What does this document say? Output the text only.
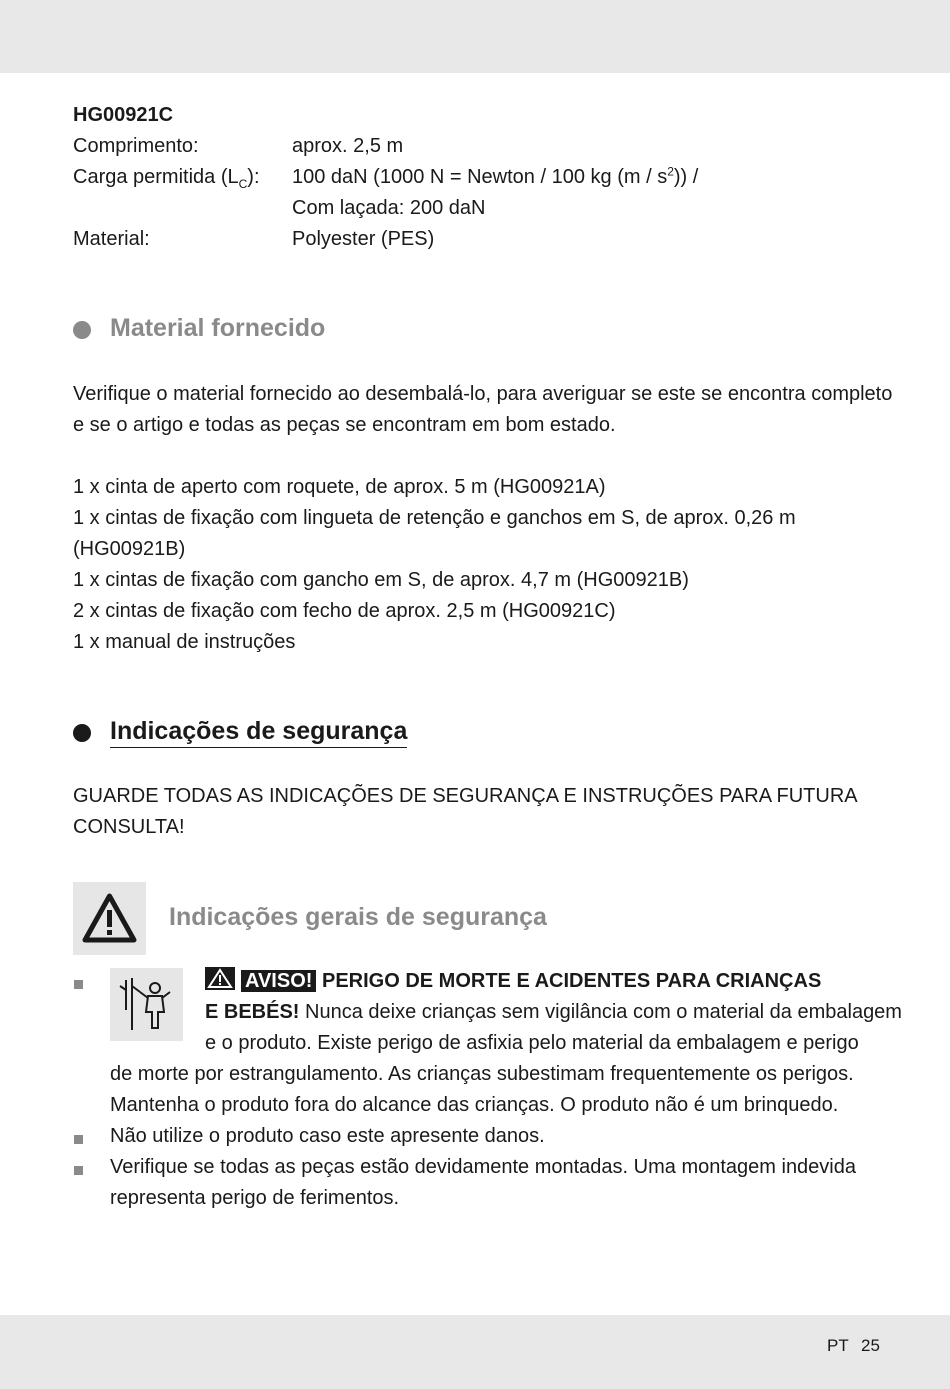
HG00921C
Comprimento:	aprox. 2,5 m
Carga permitida $(L_C)$: 100 daN (1000 N = Newton / 100 kg $(m / s^2)$) /
Com laçada: 200 daN
Material:	Polyester (PES)
Material fornecido
Verifique o material fornecido ao desembalá-lo, para averiguar se este se encontra completo
e se o artigo e todas as peças se encontram em bom estado.
1 x cinta de aperto com roquete, de aprox. 5 m (HG00921A)
1 x cintas de fixação com lingueta de retenção e ganchos em S, de aprox. 0,26 m
(HG00921B)
1 x cintas de fixação com gancho em S, de aprox. 4,7 m (HG00921B)
2 x cintas de fixação com fecho de aprox. 2,5 m (HG00921C)
1 x manual de instruções
Indicações de segurança
GUARDE TODAS AS INDICAÇÕES DE SEGURANÇA E INSTRUÇÕES PARA FUTURA
CONSULTA!
Indicações gerais de segurança
AVISO! PERIGO DE MORTE E ACIDENTES PARA CRIANÇAS
E BEBÉS! Nunca deixe crianças sem vigilância com o material da embalagem
e o produto. Existe perigo de asfixia pelo material da embalagem e perigo
de morte por estrangulamento. As crianças subestimam frequentemente os perigos.
Mantenha o produto fora do alcance das crianças. O produto não é um brinquedo.
Não utilize o produto caso este apresente danos.
Verifique se todas as peças estão devidamente montadas. Uma montagem indevida
representa perigo de ferimentos.
PT 25
